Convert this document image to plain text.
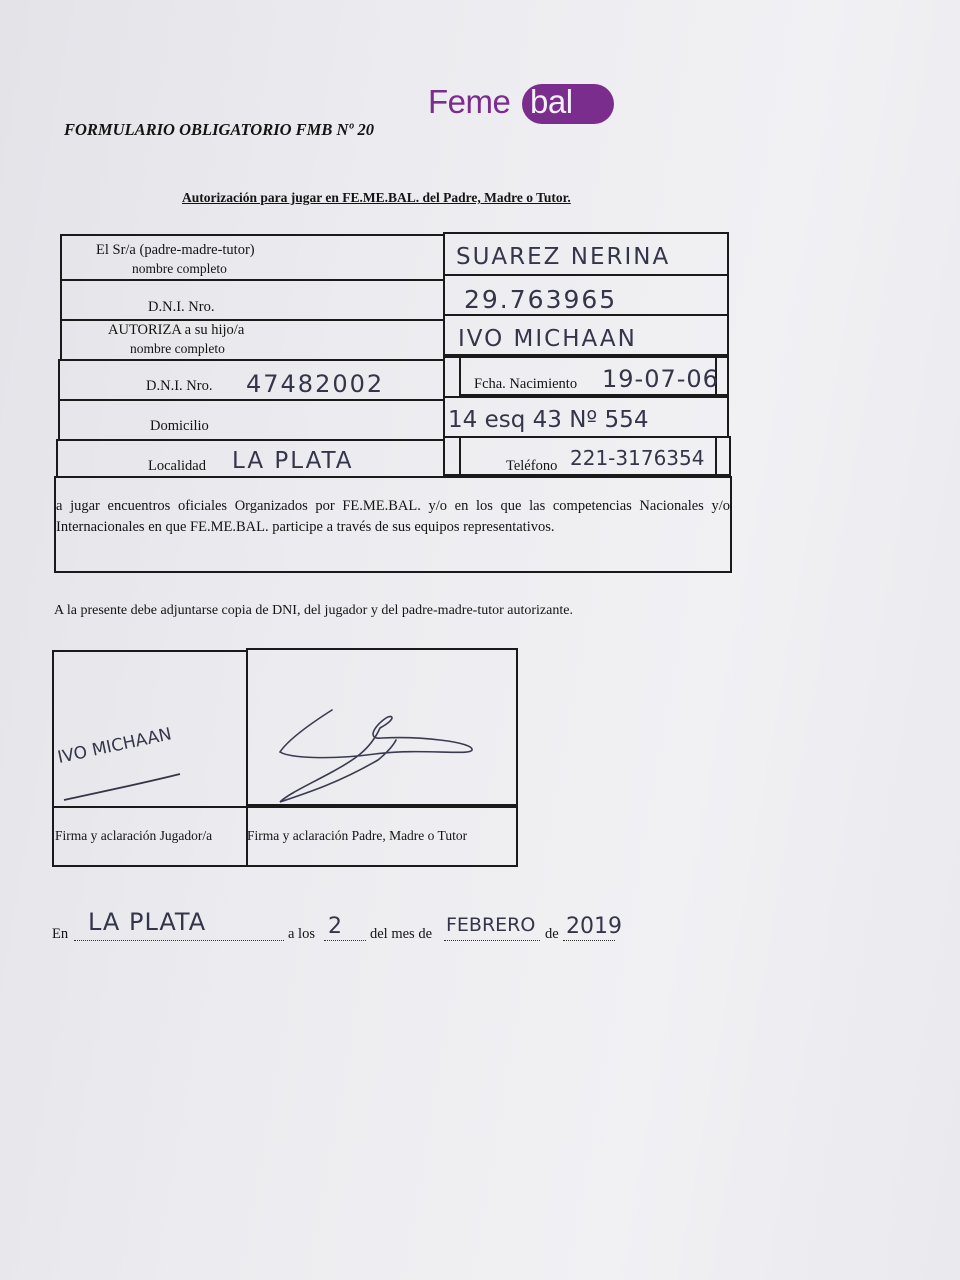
Feme bal
FORMULARIO OBLIGATORIO FMB Nº 20
Autorización para jugar en FE.ME.BAL. del Padre, Madre o Tutor.
El Sr/a (padre-madre-tutor)
nombre completo	SUAREZ NERINA
D.N.I. Nro.	29.763965
AUTORIZA a su hijo/a
nombre completo	IVO MICHAAN
D.N.I. Nro. 47482002	Fcha. Nacimiento 19-07-06
Domicilio	14 esq 43 Nº 554
Localidad LA PLATA	Teléfono 221-3176354
a jugar encuentros oficiales Organizados por FE.ME.BAL. y/o en los que las competencias Nacionales y/o Internacionales en que FE.ME.BAL. participe a través de sus equipos representativos.
A la presente debe adjuntarse copia de DNI, del jugador y del padre-madre-tutor autorizante.
IVO MICHAAN
Firma y aclaración Jugador/a	Firma y aclaración Padre, Madre o Tutor
En LA PLATA	a los 2 del mes de FEBRERO de 2019
